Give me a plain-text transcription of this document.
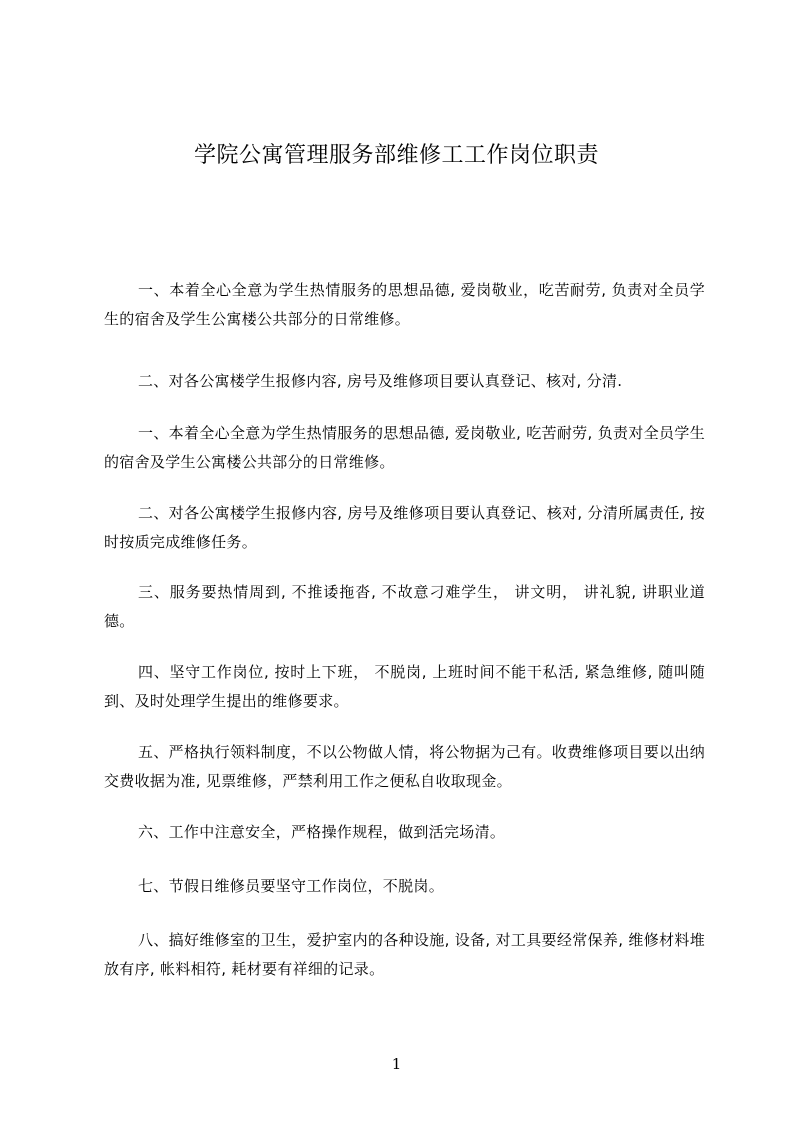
学院公寓管理服务部维修工工作岗位职责

一、本着全心全意为学生热情服务的思想品德, 爱岗敬业，吃苦耐劳, 负责对全员学生的宿舍及学生公寓楼公共部分的日常维修。

二、对各公寓楼学生报修内容, 房号及维修项目要认真登记、核对, 分清.

一、本着全心全意为学生热情服务的思想品德, 爱岗敬业, 吃苦耐劳, 负责对全员学生的宿舍及学生公寓楼公共部分的日常维修。

二、对各公寓楼学生报修内容, 房号及维修项目要认真登记、核对, 分清所属责任, 按时按质完成维修任务。

三、服务要热情周到, 不推诿拖沓, 不故意刁难学生， 讲文明， 讲礼貌, 讲职业道德。

四、坚守工作岗位, 按时上下班， 不脱岗, 上班时间不能干私活, 紧急维修, 随叫随到、及时处理学生提出的维修要求。

五、严格执行领料制度，不以公物做人情，将公物据为己有。收费维修项目要以出纳交费收据为准, 见票维修，严禁利用工作之便私自收取现金。

六、工作中注意安全，严格操作规程，做到活完场清。

七、节假日维修员要坚守工作岗位，不脱岗。

八、搞好维修室的卫生，爱护室内的各种设施, 设备, 对工具要经常保养, 维修材料堆放有序, 帐料相符, 耗材要有祥细的记录。

1
